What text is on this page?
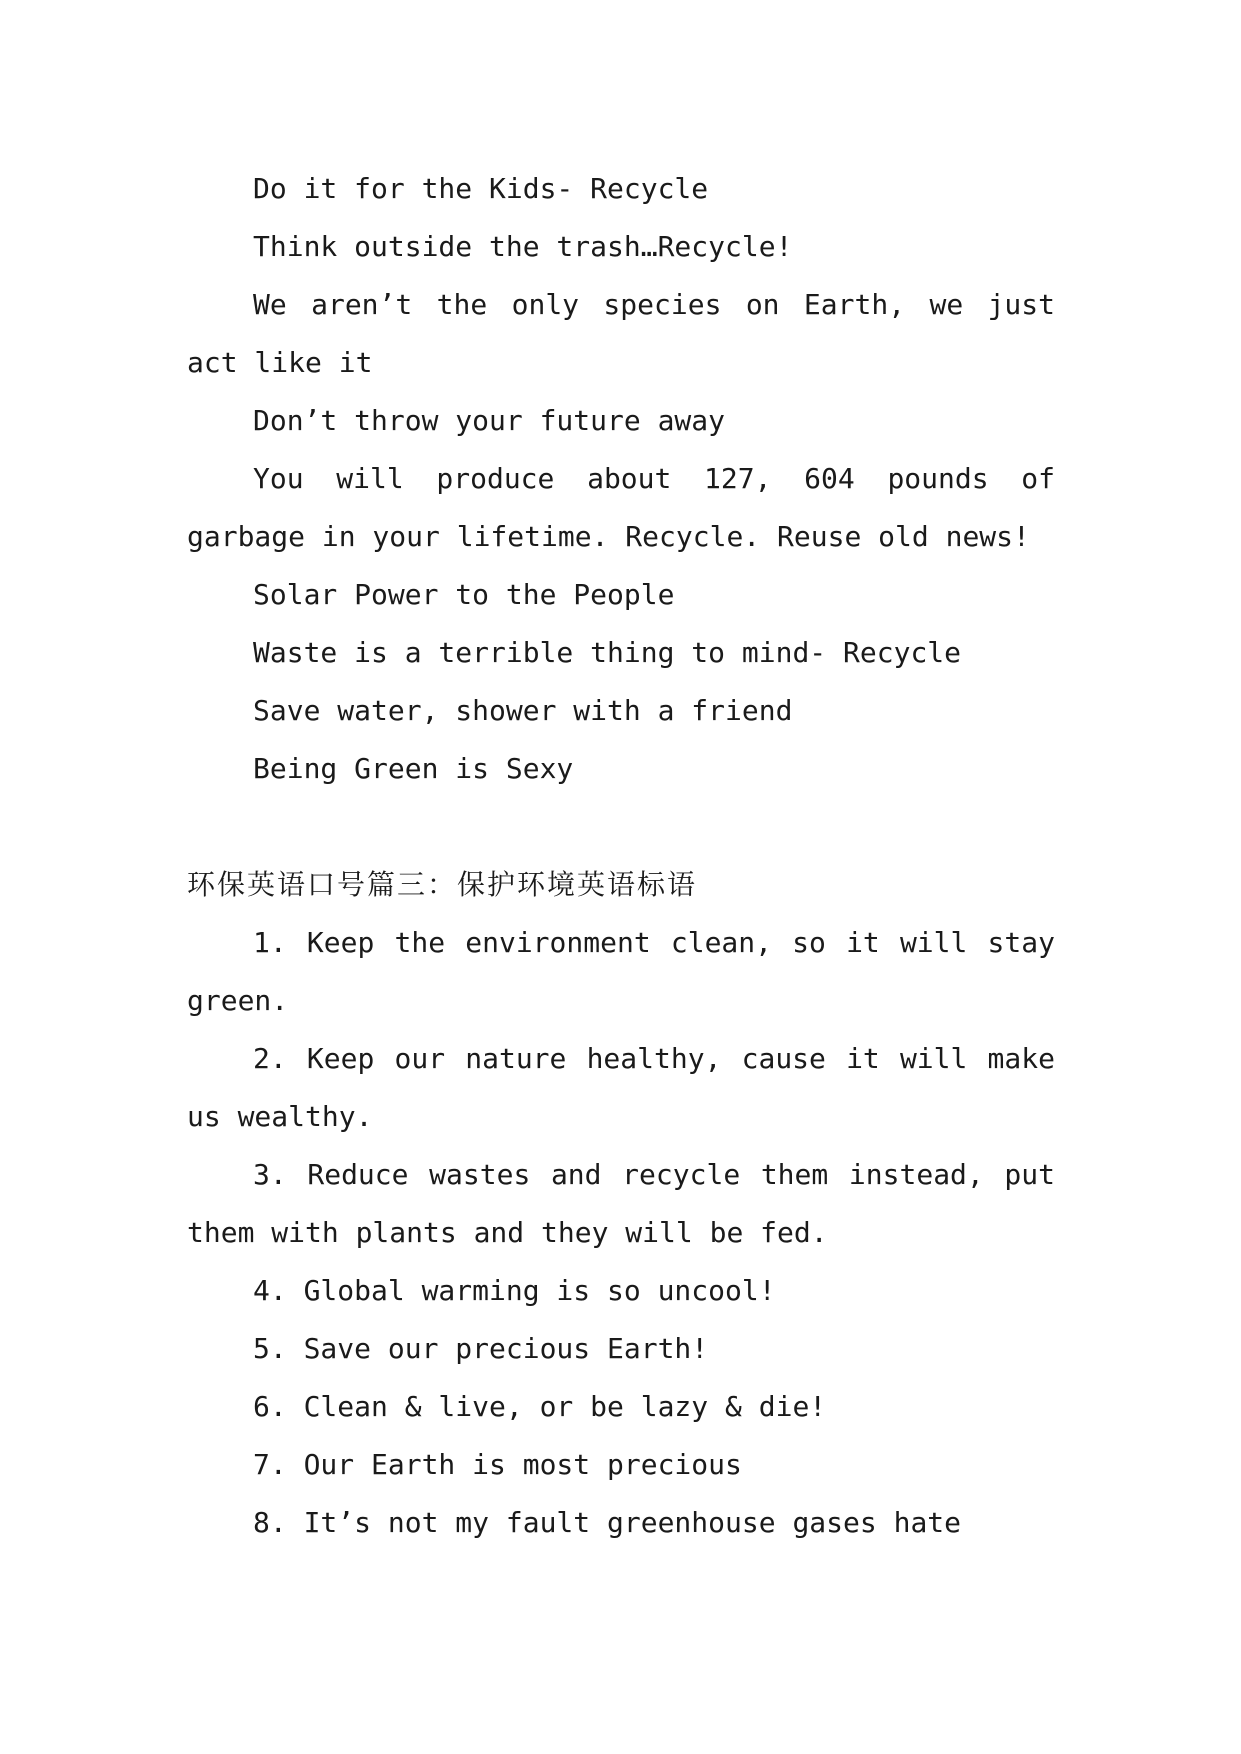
Do it for the Kids- Recycle

Think outside the trash…Recycle!

We aren’t the only species on Earth, we just act like it

Don’t throw your future away

You will produce about 127, 604 pounds of garbage in your lifetime. Recycle. Reuse old news!

Solar Power to the People

Waste is a terrible thing to mind- Recycle

Save water, shower with a friend

Being Green is Sexy

环保英语口号篇三：保护环境英语标语

1. Keep the environment clean, so it will stay green.

2. Keep our nature healthy, cause it will make us wealthy.

3. Reduce wastes and recycle them instead, put them with plants and they will be fed.

4. Global warming is so uncool!

5. Save our precious Earth!

6. Clean & live, or be lazy & die!

7. Our Earth is most precious

8. It’s not my fault greenhouse gases hate
